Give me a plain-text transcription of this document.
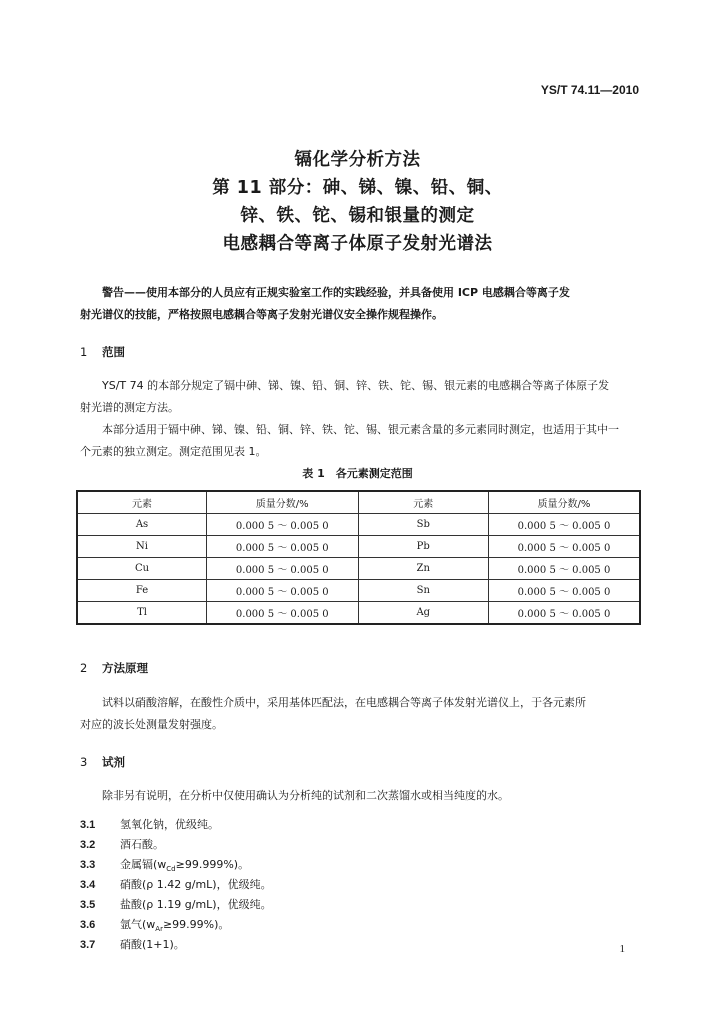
YS/T 74.11—2010
镉化学分析方法
第 11 部分：砷、锑、镍、铅、铜、
锌、铁、铊、锡和银量的测定
电感耦合等离子体原子发射光谱法
警告——使用本部分的人员应有正规实验室工作的实践经验，并具备使用 ICP 电感耦合等离子发
射光谱仪的技能，严格按照电感耦合等离子发射光谱仪安全操作规程操作。
1 范围
YS/T 74 的本部分规定了镉中砷、锑、镍、铅、铜、锌、铁、铊、锡、银元素的电感耦合等离子体原子发
射光谱的测定方法。
本部分适用于镉中砷、锑、镍、铅、铜、锌、铁、铊、锡、银元素含量的多元素同时测定，也适用于其中一
个元素的独立测定。测定范围见表 1。
表 1　各元素测定范围
元素	质量分数/%	元素	质量分数/%
As	0.000 5 ～ 0.005 0	Sb	0.000 5 ～ 0.005 0
Ni	0.000 5 ～ 0.005 0	Pb	0.000 5 ～ 0.005 0
Cu	0.000 5 ～ 0.005 0	Zn	0.000 5 ～ 0.005 0
Fe	0.000 5 ～ 0.005 0	Sn	0.000 5 ～ 0.005 0
Tl	0.000 5 ～ 0.005 0	Ag	0.000 5 ～ 0.005 0
2 方法原理
试料以硝酸溶解，在酸性介质中，采用基体匹配法，在电感耦合等离子体发射光谱仪上，于各元素所
对应的波长处测量发射强度。
3 试剂
除非另有说明，在分析中仅使用确认为分析纯的试剂和二次蒸馏水或相当纯度的水。
3.1 氢氧化钠，优级纯。
3.2 酒石酸。
3.3 金属镉$(w_{Cd}\ge 99.999\%)$。
3.4 硝酸(ρ 1.42 g/mL)，优级纯。
3.5 盐酸(ρ 1.19 g/mL)，优级纯。
3.6 氩气$(w_{Ar}\ge 99.99\%)$。
3.7 硝酸(1+1)。	1
